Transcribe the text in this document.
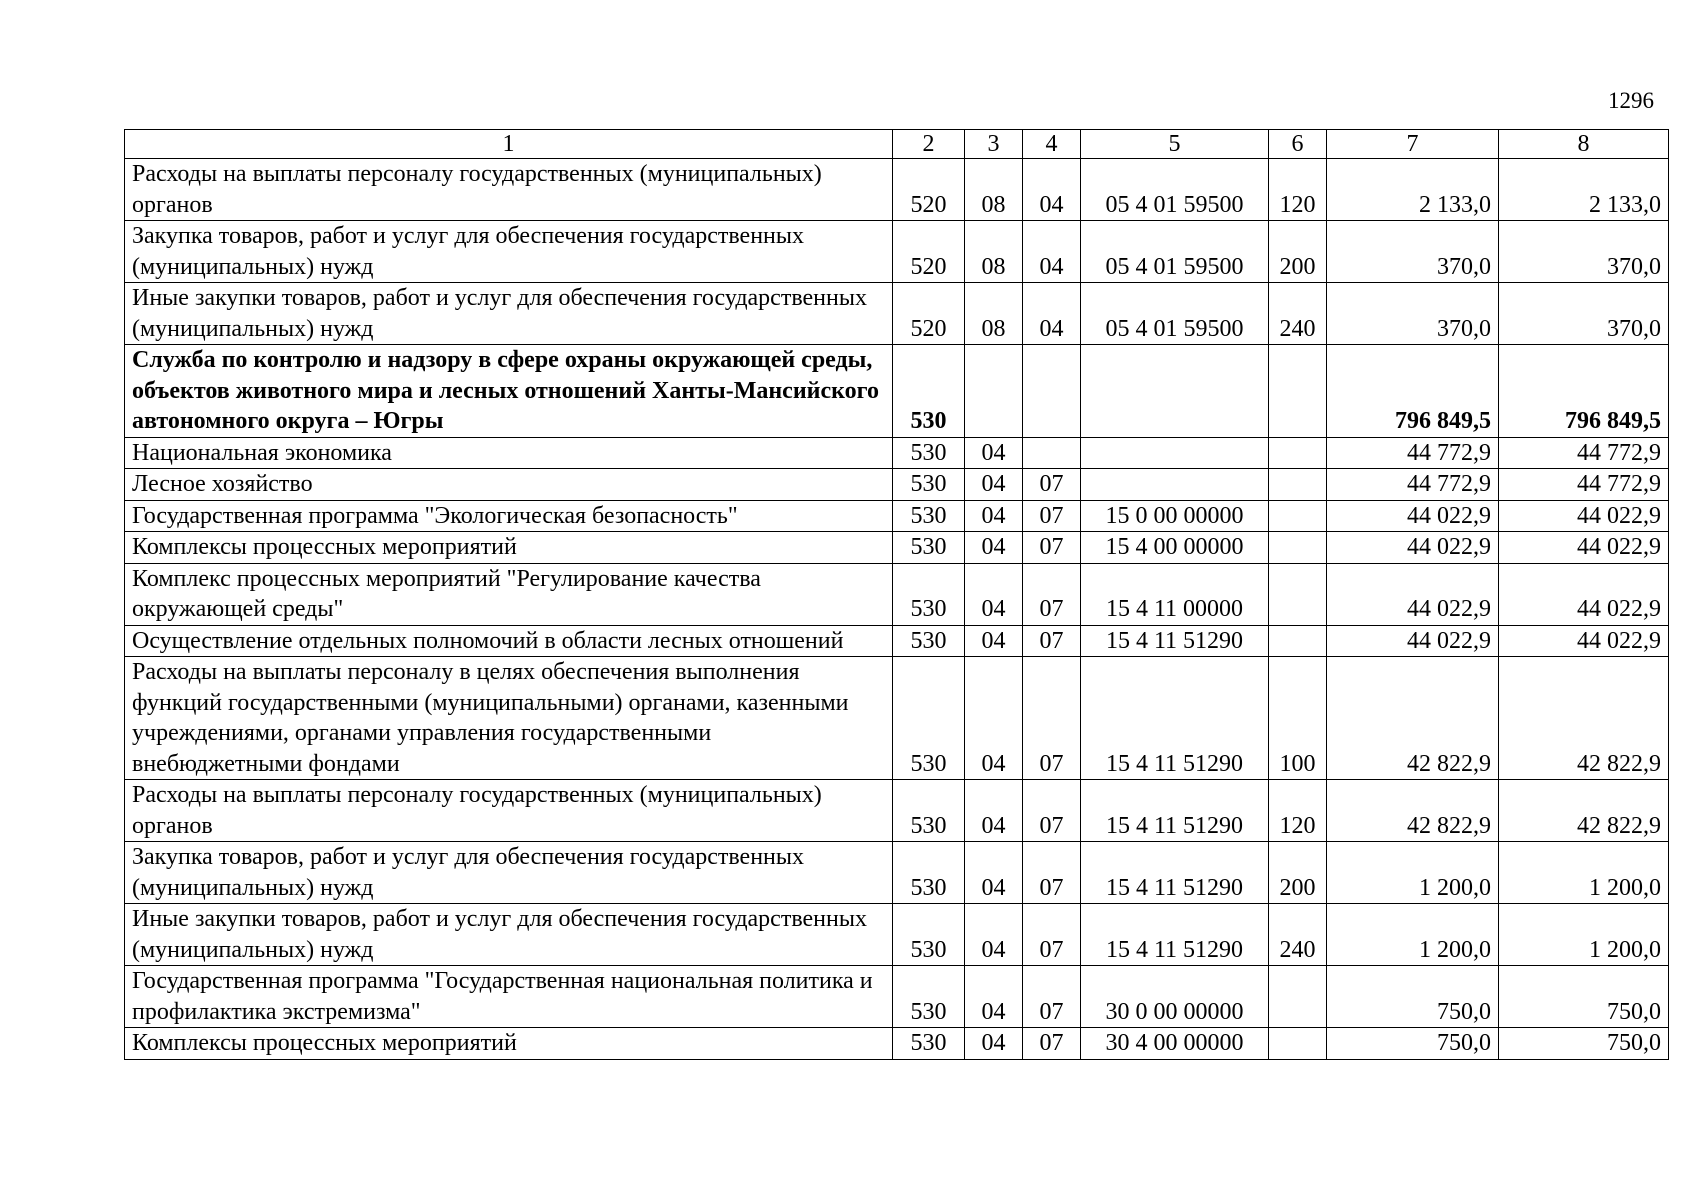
1296
1	2	3	4	5	6	7	8
Расходы на выплаты персоналу государственных (муниципальных) органов	520	08	04	05 4 01 59500	120	2 133,0	2 133,0
Закупка товаров, работ и услуг для обеспечения государственных (муниципальных) нужд	520	08	04	05 4 01 59500	200	370,0	370,0
Иные закупки товаров, работ и услуг для обеспечения государственных (муниципальных) нужд	520	08	04	05 4 01 59500	240	370,0	370,0
Служба по контролю и надзору в сфере охраны окружающей среды, объектов животного мира и лесных отношений Ханты-Мансийского автономного округа – Югры	530					796 849,5	796 849,5
Национальная экономика	530	04				44 772,9	44 772,9
Лесное хозяйство	530	04	07			44 772,9	44 772,9
Государственная программа "Экологическая безопасность"	530	04	07	15 0 00 00000		44 022,9	44 022,9
Комплексы процессных мероприятий	530	04	07	15 4 00 00000		44 022,9	44 022,9
Комплекс процессных мероприятий "Регулирование качества окружающей среды"	530	04	07	15 4 11 00000		44 022,9	44 022,9
Осуществление отдельных полномочий в области лесных отношений	530	04	07	15 4 11 51290		44 022,9	44 022,9
Расходы на выплаты персоналу в целях обеспечения выполнения функций государственными (муниципальными) органами, казенными учреждениями, органами управления государственными внебюджетными фондами	530	04	07	15 4 11 51290	100	42 822,9	42 822,9
Расходы на выплаты персоналу государственных (муниципальных) органов	530	04	07	15 4 11 51290	120	42 822,9	42 822,9
Закупка товаров, работ и услуг для обеспечения государственных (муниципальных) нужд	530	04	07	15 4 11 51290	200	1 200,0	1 200,0
Иные закупки товаров, работ и услуг для обеспечения государственных (муниципальных) нужд	530	04	07	15 4 11 51290	240	1 200,0	1 200,0
Государственная программа "Государственная национальная политика и профилактика экстремизма"	530	04	07	30 0 00 00000		750,0	750,0
Комплексы процессных мероприятий	530	04	07	30 4 00 00000		750,0	750,0
